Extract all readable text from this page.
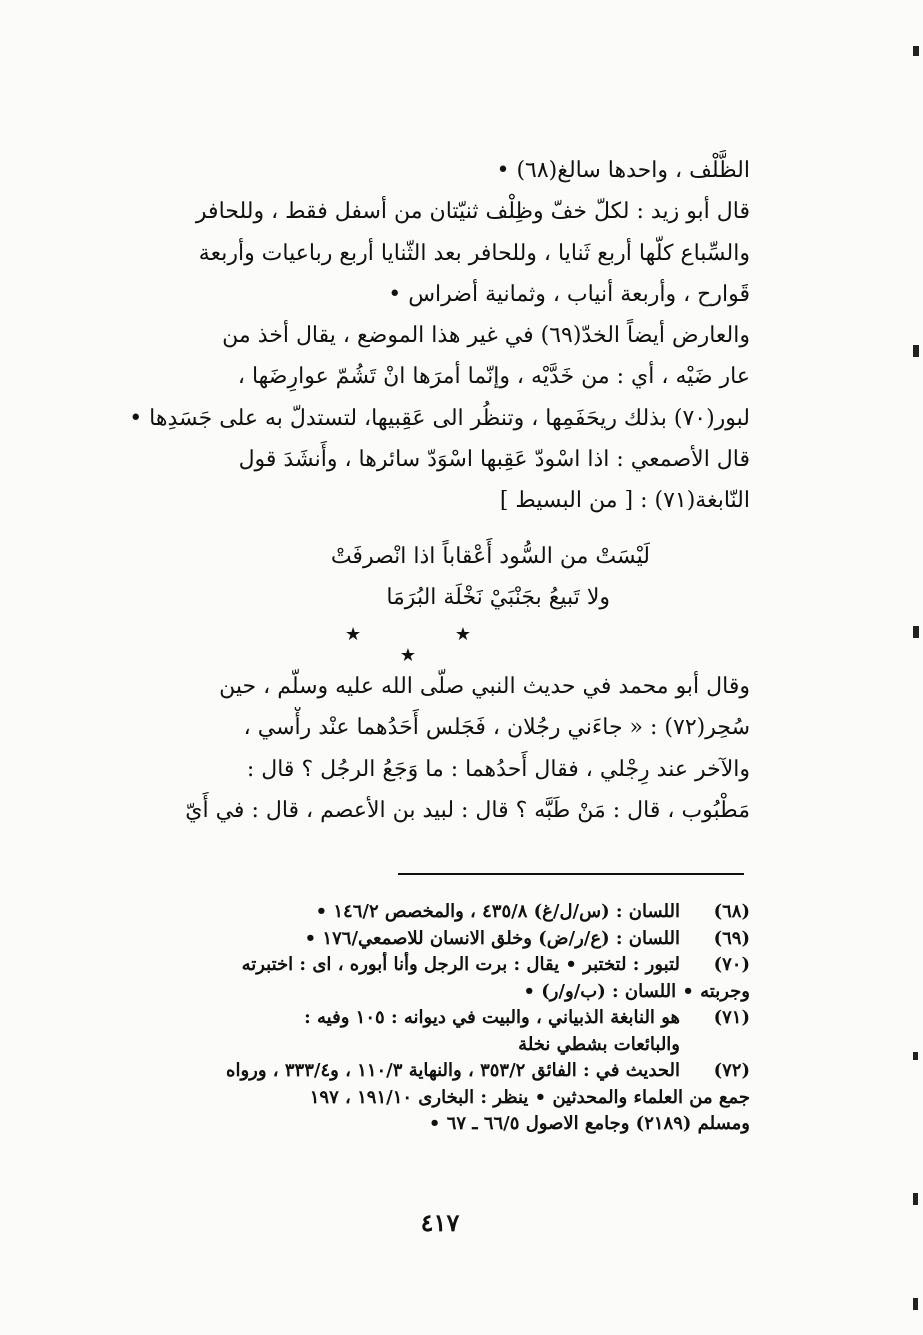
الظَّلْف ، واحدها سالغ(٦٨) •
قال أبو زيد : لكلّ خفّ وظِلْف ثنيّتان من أسفل فقط ، وللحافر
والسِّباع كلّها أربع ثَنايا ، وللحافر بعد الثّنايا أربع رباعيات وأربعة
قَوارح ، وأربعة أنياب ، وثمانية أضراس •
والعارض أيضاً الخدّ(٦٩) في غير هذا الموضع ، يقال أخذ من
عار ضَيْه ، أي : من خَدَّيْه ، وإنّما أمرَها انْ تَشُمّ عوارِضَها ،
لبور(٧٠) بذلك ريحَفَمِها ، وتنظُر الى عَقِبيها، لتستدلّ به على جَسَدِها •
قال الأصمعي : اذا اسْودّ عَقِبها اسْوَدّ سائرها ، وأَنشَدَ قول
النّابغة(٧١) : [ من البسيط ]
لَيْسَتْ من السُّود أَعْقاباً اذا انْصرفَتْ
ولا تَبيعُ بجَنْبَيْ نَخْلَة البُرَمَا
★ ★ ★
وقال أبو محمد في حديث النبي صلّى الله عليه وسلّم ، حين
سُحِر(٧٢) : « جاءَني رجُلان ، فَجَلس أَحَدُهما عنْد رأْسي ،
والآخر عند رِجْلي ، فقال أَحدُهما : ما وَجَعُ الرجُل ؟ قال :
مَطْبُوب ، قال : مَنْ طَبَّه ؟ قال : لبيد بن الأعصم ، قال : في أَيّ
(٦٨)
اللسان : (س/ل/غ) ٤٣٥/٨ ، والمخصص ١٤٦/٢ •
(٦٩)
اللسان : (ع/ر/ض) وخلق الانسان للاصمعي/١٧٦ •
(٧٠)
لتبور : لتختبر • يقال : برت الرجل وأنا أبوره ، اى : اختبرته
وجربته • اللسان : (ب/و/ر) •
(٧١)
هو النابغة الذبياني ، والبيت في ديوانه : ١٠٥ وفيه :
والبائعات بشطي نخلة
(٧٢)
الحديث في : الفائق ٣٥٣/٢ ، والنهاية ١١٠/٣ ، و٣٣٣/٤ ، ورواه
جمع من العلماء والمحدثين • ينظر : البخارى ١٩١/١٠ ، ١٩٧
ومسلم (٢١٨٩) وجامع الاصول ٦٦/٥ ـ ٦٧ •
٤١٧
